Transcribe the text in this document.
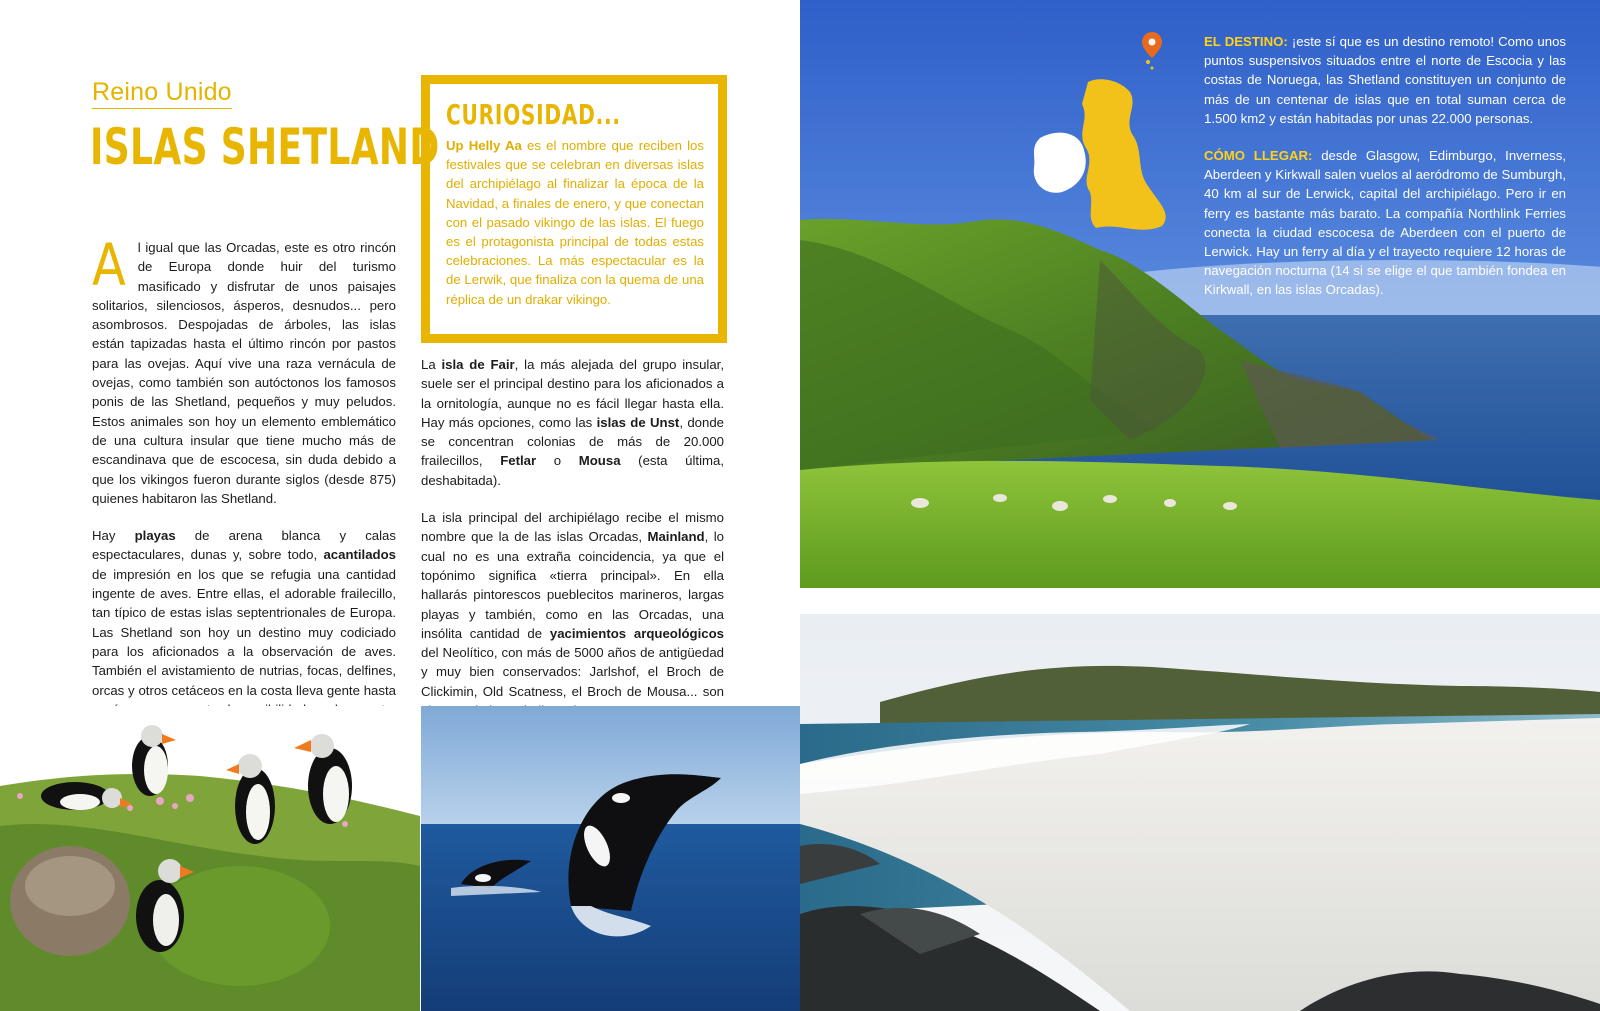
Reino Unido
ISLAS SHETLAND

Al igual que las Orcadas, este es otro rincón de Europa donde huir del turismo masificado y disfrutar de unos paisajes solitarios, silenciosos, ásperos, desnudos... pero asombrosos. Despojadas de árboles, las islas están tapizadas hasta el último rincón por pastos para las ovejas. Aquí vive una raza vernácula de ovejas, como también son autóctonos los famosos ponis de las Shetland, pequeños y muy peludos. Estos animales son hoy un elemento emblemático de una cultura insular que tiene mucho más de escandinava que de escocesa, sin duda debido a que los vikingos fueron durante siglos (desde 875) quienes habitaron las Shetland.

Hay playas de arena blanca y calas espectaculares, dunas y, sobre todo, acantilados de impresión en los que se refugia una cantidad ingente de aves. Entre ellas, el adorable frailecillo, tan típico de estas islas septentrionales de Europa. Las Shetland son hoy un destino muy codiciado para los aficionados a la observación de aves. También el avistamiento de nutrias, focas, delfines, orcas y otros cetáceos en la costa lleva gente hasta

CURIOSIDAD...
Up Helly Aa es el nombre que reciben los festivales que se celebran en diversas islas del archipiélago al finalizar la época de la Navidad, a finales de enero, y que conectan con el pasado vikingo de las islas. El fuego es el protagonista principal de todas estas celebraciones. La más espectacular es la de Lerwik, que finaliza con la quema de una réplica de un drakar vikingo.

La isla de Fair, la más alejada del grupo insular, suele ser el principal destino para los aficionados a la ornitología, aunque no es fácil llegar hasta ella. Hay más opciones, como las islas de Unst, donde se concentran colonias de más de 20.000 frailecillos, Fetlar o Mousa (esta última, deshabitada).

La isla principal del archipiélago recibe el mismo nombre que la de las islas Orcadas, Mainland, lo cual no es una extraña coincidencia, ya que el topónimo significa «tierra principal». En ella hallarás pintorescos pueblecitos marineros, largas playas y también, como en las Orcadas, una insólita cantidad de yacimientos arqueológicos del Neolítico, con más de 5000 años de antigüedad y muy bien conservados: Jarlshof, el Broch de Clickimin, Old Scatness, el Broch de Mousa... son

EL DESTINO: ¡este sí que es un destino remoto! Como unos puntos suspensivos situados entre el norte de Escocia y las costas de Noruega, las Shetland constituyen un conjunto de más de un centenar de islas que en total suman cerca de 1.500 km2 y están habitadas por unas 22.000 personas.

CÓMO LLEGAR: desde Glasgow, Edimburgo, Inverness, Aberdeen y Kirkwall salen vuelos al aeródromo de Sumburgh, 40 km al sur de Lerwick, capital del archipiélago. Pero ir en ferry es bastante más barato. La compañía Northlink Ferries conecta la ciudad escocesa de Aberdeen con el puerto de Lerwick. Hay un ferry al día y el trayecto requiere 12 horas de navegación nocturna (14 si se elige el que también fondea en Kirkwall, en las islas Orcadas).
